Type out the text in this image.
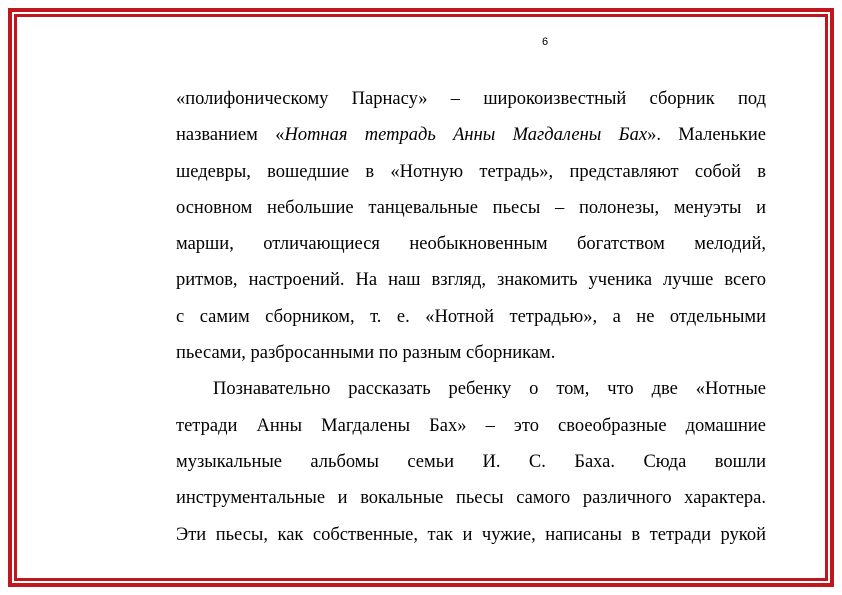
6
«полифоническому Парнасу» – широкоизвестный сборник под
названием «Нотная тетрадь Анны Магдалены Бах». Маленькие
шедевры, вошедшие в «Нотную тетрадь», представляют собой в
основном небольшие танцевальные пьесы – полонезы, менуэты и
марши, отличающиеся необыкновенным богатством мелодий,
ритмов, настроений. На наш взгляд, знакомить ученика лучше всего
с самим сборником, т. е. «Нотной тетрадью», а не отдельными
пьесами, разбросанными по разным сборникам.
Познавательно рассказать ребенку о том, что две «Нотные
тетради Анны Магдалены Бах» – это своеобразные домашние
музыкальные альбомы семьи И. С. Баха. Сюда вошли
инструментальные и вокальные пьесы самого различного характера.
Эти пьесы, как собственные, так и чужие, написаны в тетради рукой
